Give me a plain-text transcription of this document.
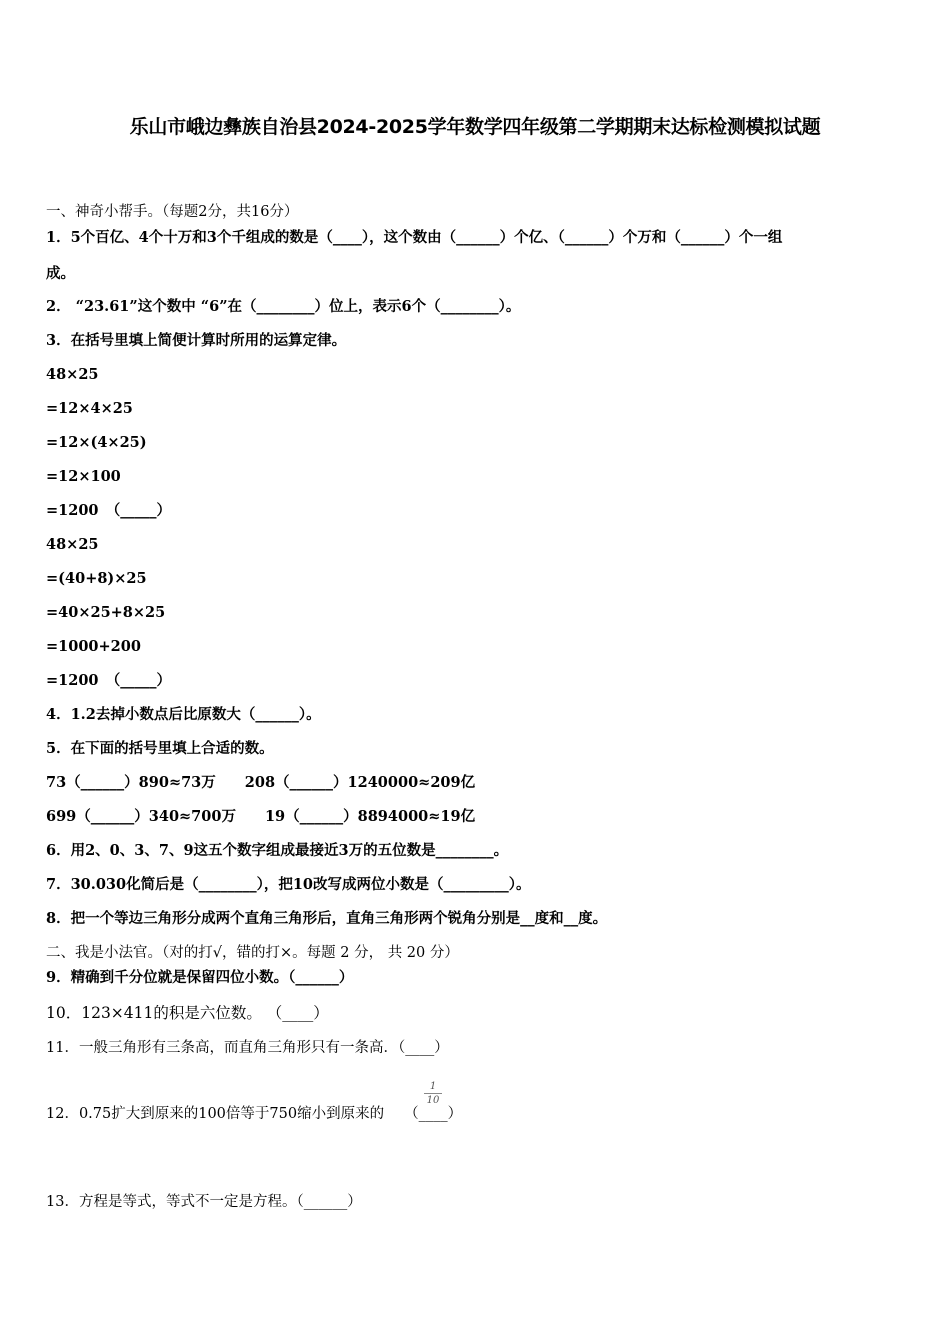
乐山市峨边彝族自治县2024-2025学年数学四年级第二学期期末达标检测模拟试题
一、神奇小帮手。（每题2分，共16分）
1．5个百亿、4个十万和3个千组成的数是（____），这个数由（______）个亿、（______）个万和（______）个一组
成。
2． “23.61”这个数中 “6”在（________）位上，表示6个（________）。
3．在括号里填上简便计算时所用的运算定律。
48×25
=12×4×25
=12×(4×25)
=12×100
=1200　（_____）
48×25
=(40+8)×25
=40×25+8×25
=1000+200
=1200　（_____）
4．1.2去掉小数点后比原数大（______）。
5．在下面的括号里填上合适的数。
73（______）890≈73万　　208（______）1240000≈209亿
699（______）340≈700万　　19（______）8894000≈19亿
6．用2、0、3、7、9这五个数字组成最接近3万的五位数是________。
7．30.030化简后是（________），把10改写成两位小数是（_________）。
8．把一个等边三角形分成两个直角三角形后，直角三角形两个锐角分别是__度和__度。
二、我是小法官。（对的打√，错的打×。每题 2 分， 共 20 分）
9．精确到千分位就是保留四位小数。（______）
10．123×411的积是六位数。 （____）
11．一般三角形有三条高，而直角三角形只有一条高．（____）
12．0.75扩大到原来的100倍等于750缩小到原来的 （____）
$\frac{1}{10}$
13．方程是等式，等式不一定是方程。（______）
